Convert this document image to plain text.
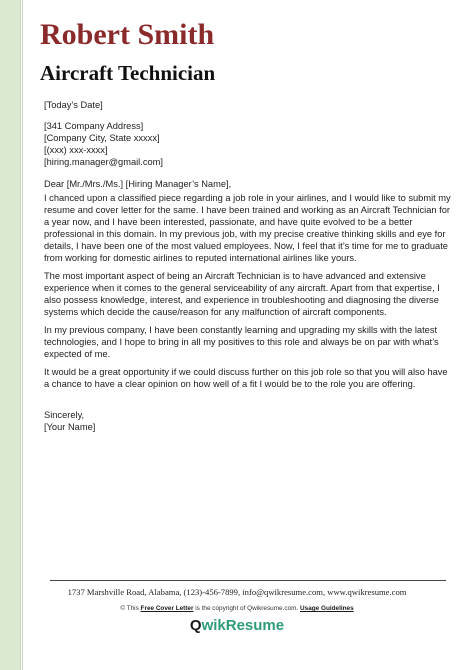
Robert Smith
Aircraft Technician

[Today’s Date]

[341 Company Address]
[Company City, State xxxxx]
[(xxx) xxx-xxxx]
[hiring.manager@gmail.com]

Dear [Mr./Mrs./Ms.] [Hiring Manager’s Name],

I chanced upon a classified piece regarding a job role in your airlines, and I would like to submit my resume and cover letter for the same. I have been trained and working as an Aircraft Technician for a year now, and I have been interested, passionate, and have quite evolved to be a better professional in this domain. In my previous job, with my precise creative thinking skills and eye for details, I have been one of the most valued employees. Now, I feel that it’s time for me to graduate from working for domestic airlines to reputed international airlines like yours.

The most important aspect of being an Aircraft Technician is to have advanced and extensive experience when it comes to the general serviceability of any aircraft. Apart from that expertise, I also possess knowledge, interest, and experience in troubleshooting and diagnosing the diverse systems which decide the cause/reason for any malfunction of aircraft components.

In my previous company, I have been constantly learning and upgrading my skills with the latest technologies, and I hope to bring in all my positives to this role and always be on par with what’s expected of me.

It would be a great opportunity if we could discuss further on this job role so that you will also have a chance to have a clear opinion on how well of a fit I would be to the role you are offering.

Sincerely,

[Your Name]

1737 Marshville Road, Alabama, (123)-456-7899, info@qwikresume.com, www.qwikresume.com
© This Free Cover Letter is the copyright of Qwikresume.com. Usage Guidelines
QwikResume
